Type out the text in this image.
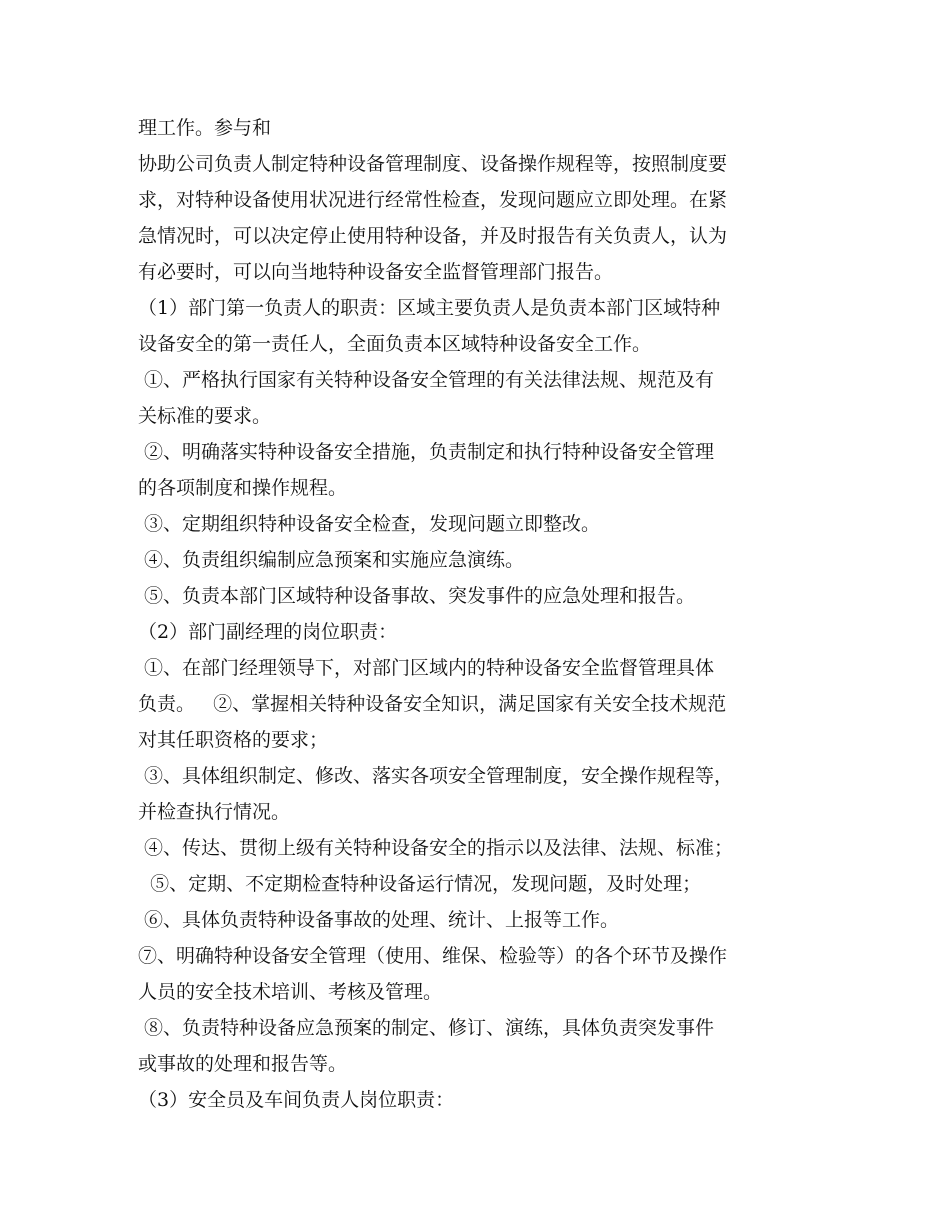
理工作。参与和
协助公司负责人制定特种设备管理制度、设备操作规程等，按照制度要
求，对特种设备使用状况进行经常性检查，发现问题应立即处理。在紧
急情况时，可以决定停止使用特种设备，并及时报告有关负责人，认为
有必要时，可以向当地特种设备安全监督管理部门报告。
（1）部门第一负责人的职责：区域主要负责人是负责本部门区域特种
设备安全的第一责任人，全面负责本区域特种设备安全工作。
①、严格执行国家有关特种设备安全管理的有关法律法规、规范及有
关标准的要求。
②、明确落实特种设备安全措施，负责制定和执行特种设备安全管理
的各项制度和操作规程。
③、定期组织特种设备安全检查，发现问题立即整改。
④、负责组织编制应急预案和实施应急演练。
⑤、负责本部门区域特种设备事故、突发事件的应急处理和报告。
（2）部门副经理的岗位职责：
①、在部门经理领导下，对部门区域内的特种设备安全监督管理具体
负责。   ②、掌握相关特种设备安全知识，满足国家有关安全技术规范
对其任职资格的要求；
③、具体组织制定、修改、落实各项安全管理制度，安全操作规程等，
并检查执行情况。
④、传达、贯彻上级有关特种设备安全的指示以及法律、法规、标准；
⑤、定期、不定期检查特种设备运行情况，发现问题，及时处理；
⑥、具体负责特种设备事故的处理、统计、上报等工作。
⑦、明确特种设备安全管理（使用、维保、检验等）的各个环节及操作
人员的安全技术培训、考核及管理。
⑧、负责特种设备应急预案的制定、修订、演练，具体负责突发事件
或事故的处理和报告等。
（3）安全员及车间负责人岗位职责：
